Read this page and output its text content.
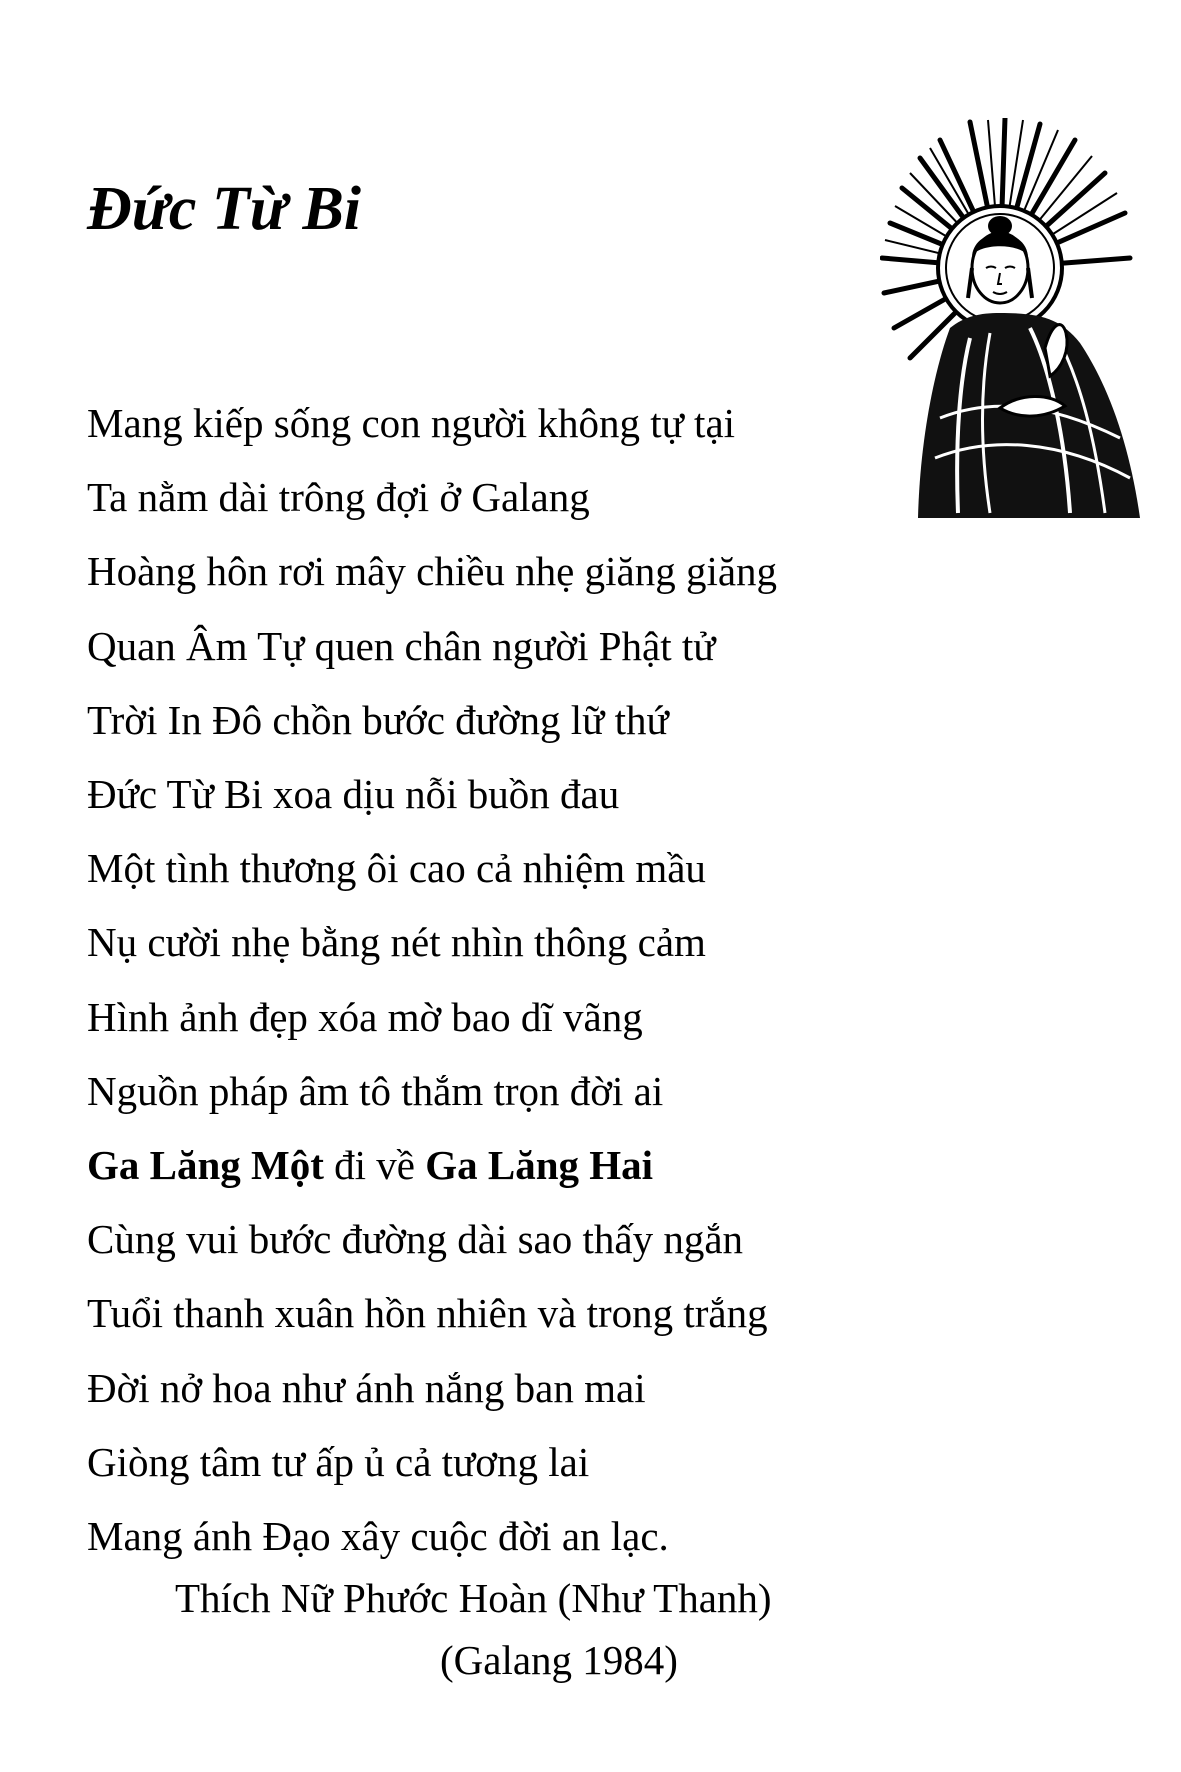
Đức Từ Bi
Mang kiếp sống con người không tự tại
Ta nằm dài trông đợi ở Galang
Hoàng hôn rơi mây chiều nhẹ giăng giăng
Quan Âm Tự quen chân người Phật tử
Trời In Đô chồn bước đường lữ thứ
Đức Từ Bi xoa dịu nỗi buồn đau
Một tình thương ôi cao cả nhiệm mầu
Nụ cười nhẹ bằng nét nhìn thông cảm
Hình ảnh đẹp xóa mờ bao dĩ vãng
Nguồn pháp âm tô thắm trọn đời ai
Ga Lăng Một đi về Ga Lăng Hai
Cùng vui bước đường dài sao thấy ngắn
Tuổi thanh xuân hồn nhiên và trong trắng
Đời nở hoa như ánh nắng ban mai
Giòng tâm tư ấp ủ cả tương lai
Mang ánh Đạo xây cuộc đời an lạc.
Thích Nữ Phước Hoàn (Như Thanh)
(Galang 1984)
